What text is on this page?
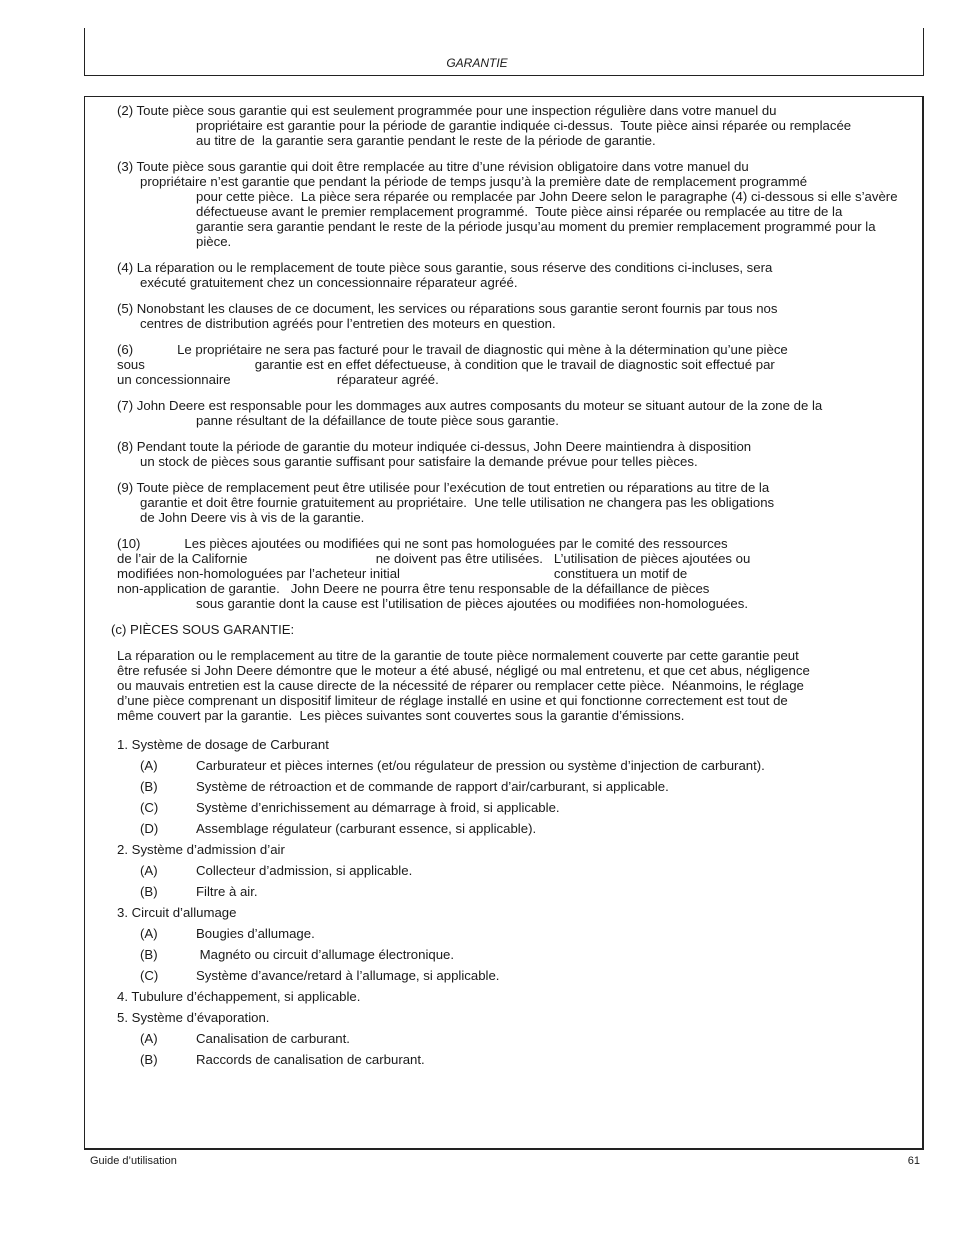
GARANTIE
(2) Toute pièce sous garantie qui est seulement programmée pour une inspection régulière dans votre manuel du
propriétaire est garantie pour la période de garantie indiquée ci-dessus.  Toute pièce ainsi réparée ou remplacée
au titre de  la garantie sera garantie pendant le reste de la période de garantie.
(3) Toute pièce sous garantie qui doit être remplacée au titre d’une révision obligatoire dans votre manuel du
propriétaire n’est garantie que pendant la période de temps jusqu’à la première date de remplacement programmé
pour cette pièce.  La pièce sera réparée ou remplacée par John Deere selon le paragraphe (4) ci-dessous si elle s’avère
défectueuse avant le premier remplacement programmé.  Toute pièce ainsi réparée ou remplacée au titre de la
garantie sera garantie pendant le reste de la période jusqu’au moment du premier remplacement programmé pour la
pièce.
(4) La réparation ou le remplacement de toute pièce sous garantie, sous réserve des conditions ci-incluses, sera
exécuté gratuitement chez un concessionnaire réparateur agréé.
(5) Nonobstant les clauses de ce document, les services ou réparations sous garantie seront fournis par tous nos
centres de distribution agréés pour l’entretien des moteurs en question.
(6)            Le propriétaire ne sera pas facturé pour le travail de diagnostic qui mène à la détermination qu’une pièce
sous                              garantie est en effet défectueuse, à condition que le travail de diagnostic soit effectué par
un concessionnaire                             réparateur agréé.
(7) John Deere est responsable pour les dommages aux autres composants du moteur se situant autour de la zone de la
panne résultant de la défaillance de toute pièce sous garantie.
(8) Pendant toute la période de garantie du moteur indiquée ci-dessus, John Deere maintiendra à disposition
un stock de pièces sous garantie suffisant pour satisfaire la demande prévue pour telles pièces.
(9) Toute pièce de remplacement peut être utilisée pour l’exécution de tout entretien ou réparations au titre de la
garantie et doit être fournie gratuitement au propriétaire.  Une telle utilisation ne changera pas les obligations
de John Deere vis à vis de la garantie.
(10)            Les pièces ajoutées ou modifiées qui ne sont pas homologuées par le comité des ressources
de l’air de la Californie                                   ne doivent pas être utilisées.   L’utilisation de pièces ajoutées ou
modifiées non-homologuées par l’acheteur initial                                          constituera un motif de
non-application de garantie.   John Deere ne pourra être tenu responsable de la défaillance de pièces
sous garantie dont la cause est l’utilisation de pièces ajoutées ou modifiées non-homologuées.
(c) PIÈCES SOUS GARANTIE:
La réparation ou le remplacement au titre de la garantie de toute pièce normalement couverte par cette garantie peut
être refusée si John Deere démontre que le moteur a été abusé, négligé ou mal entretenu, et que cet abus, négligence
ou mauvais entretien est la cause directe de la nécessité de réparer ou remplacer cette pièce.  Néanmoins, le réglage
d’une pièce comprenant un dispositif limiteur de réglage installé en usine et qui fonctionne correctement est tout de
même couvert par la garantie.  Les pièces suivantes sont couvertes sous la garantie d’émissions.
1. Système de dosage de Carburant
(A)	Carburateur et pièces internes (et/ou régulateur de pression ou système d’injection de carburant).
(B)	Système de rétroaction et de commande de rapport d’air/carburant, si applicable.
(C)	Système d’enrichissement au démarrage à froid, si applicable.
(D)	Assemblage régulateur (carburant essence, si applicable).
2. Système d’admission d’air
(A)	Collecteur d’admission, si applicable.
(B)	Filtre à air.
3. Circuit d’allumage
(A)	Bougies d’allumage.
(B)	Magnéto ou circuit d’allumage électronique.
(C)	Système d’avance/retard à l’allumage, si applicable.
4. Tubulure d’échappement, si applicable.
5. Système d’évaporation.
(A)	Canalisation de carburant.
(B)	Raccords de canalisation de carburant.
Guide d’utilisation	61
